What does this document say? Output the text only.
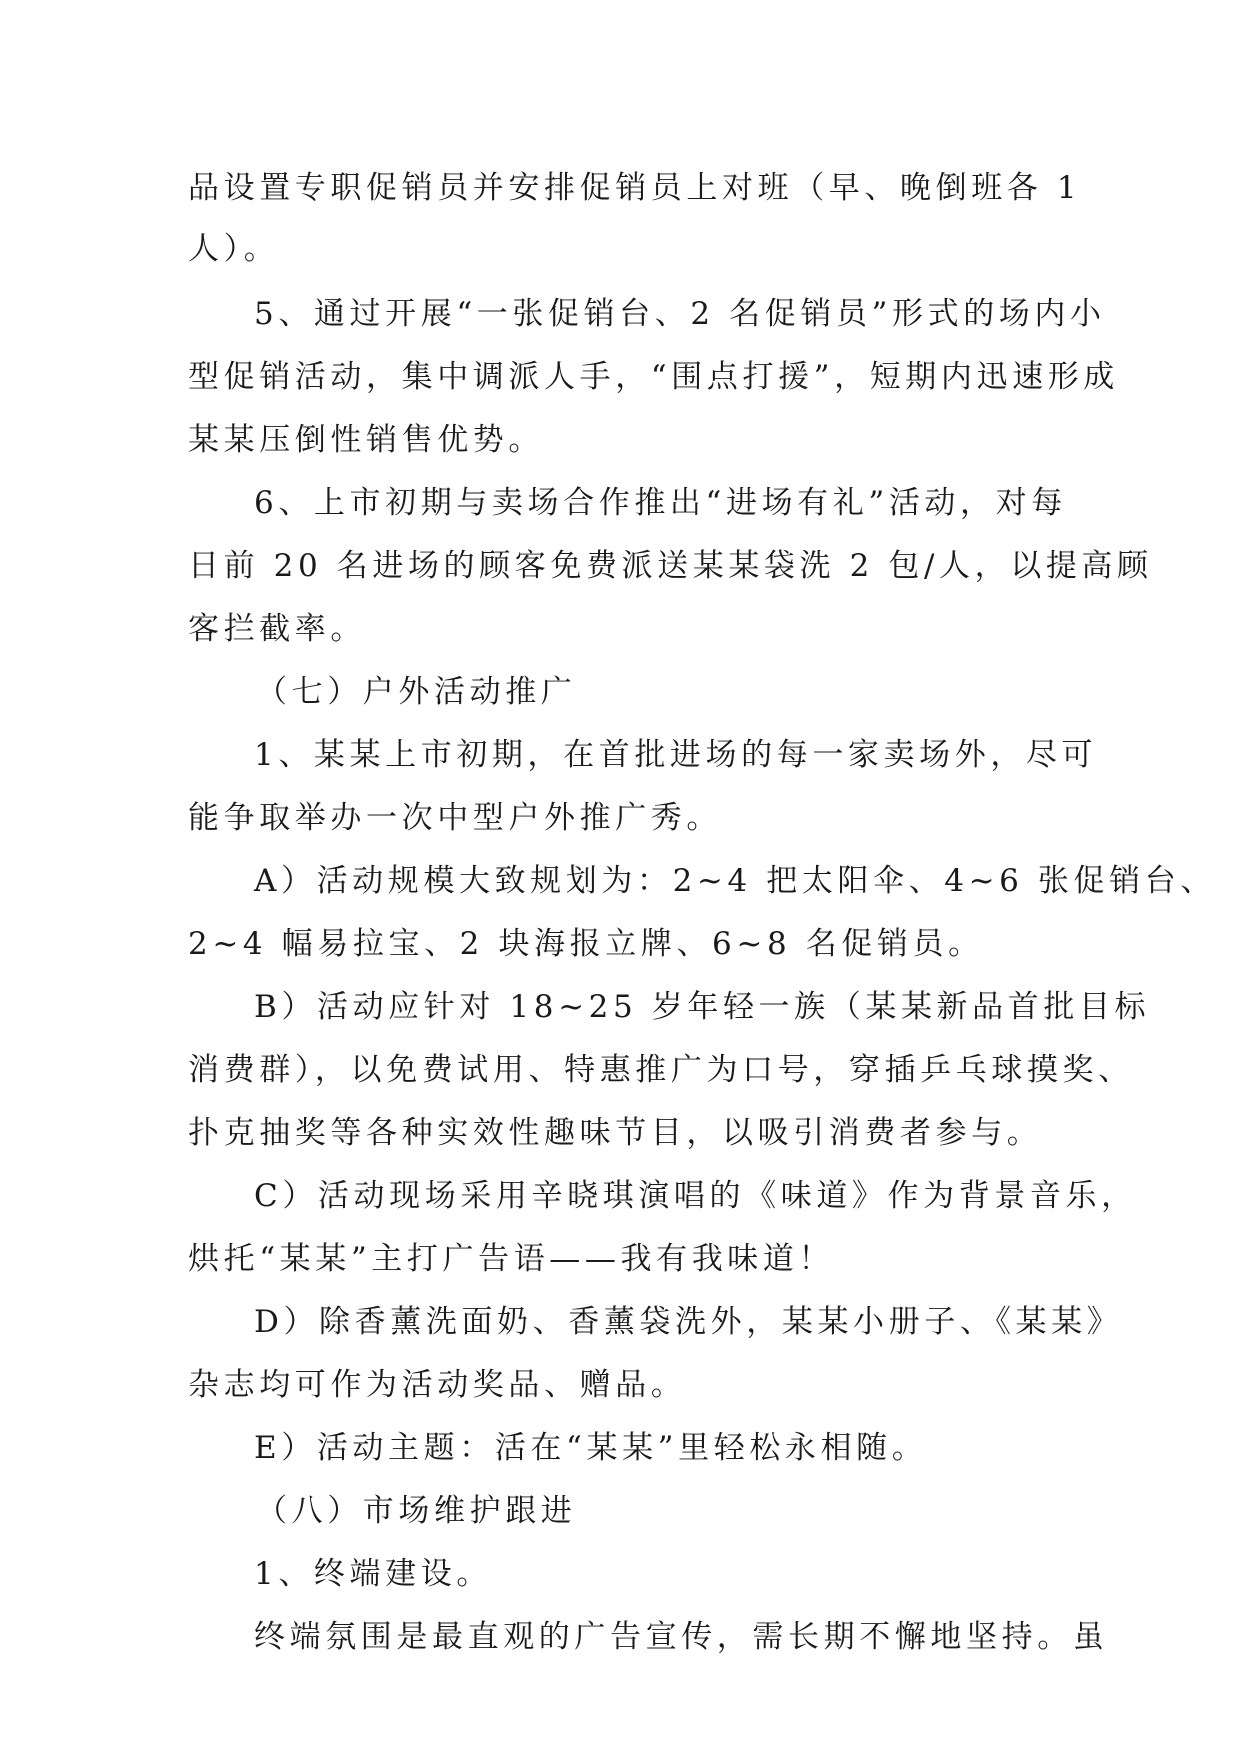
品设置专职促销员并安排促销员上对班（早、晚倒班各 1
人）。
5、通过开展“一张促销台、2 名促销员”形式的场内小
型促销活动，集中调派人手，“围点打援”，短期内迅速形成
某某压倒性销售优势。
6、上市初期与卖场合作推出“进场有礼”活动，对每
日前 20 名进场的顾客免费派送某某袋洗 2 包/人，以提高顾
客拦截率。
（七）户外活动推广
1、某某上市初期，在首批进场的每一家卖场外，尽可
能争取举办一次中型户外推广秀。
A）活动规模大致规划为：2~4 把太阳伞、4~6 张促销台、
2~4 幅易拉宝、2 块海报立牌、6~8 名促销员。
B）活动应针对 18~25 岁年轻一族（某某新品首批目标
消费群），以免费试用、特惠推广为口号，穿插乒乓球摸奖、
扑克抽奖等各种实效性趣味节目，以吸引消费者参与。
C）活动现场采用辛晓琪演唱的《味道》作为背景音乐，
烘托“某某”主打广告语——我有我味道！
D）除香薰洗面奶、香薰袋洗外，某某小册子、《某某》
杂志均可作为活动奖品、赠品。
E）活动主题：活在“某某”里轻松永相随。
（八）市场维护跟进
1、终端建设。
终端氛围是最直观的广告宣传，需长期不懈地坚持。虽
